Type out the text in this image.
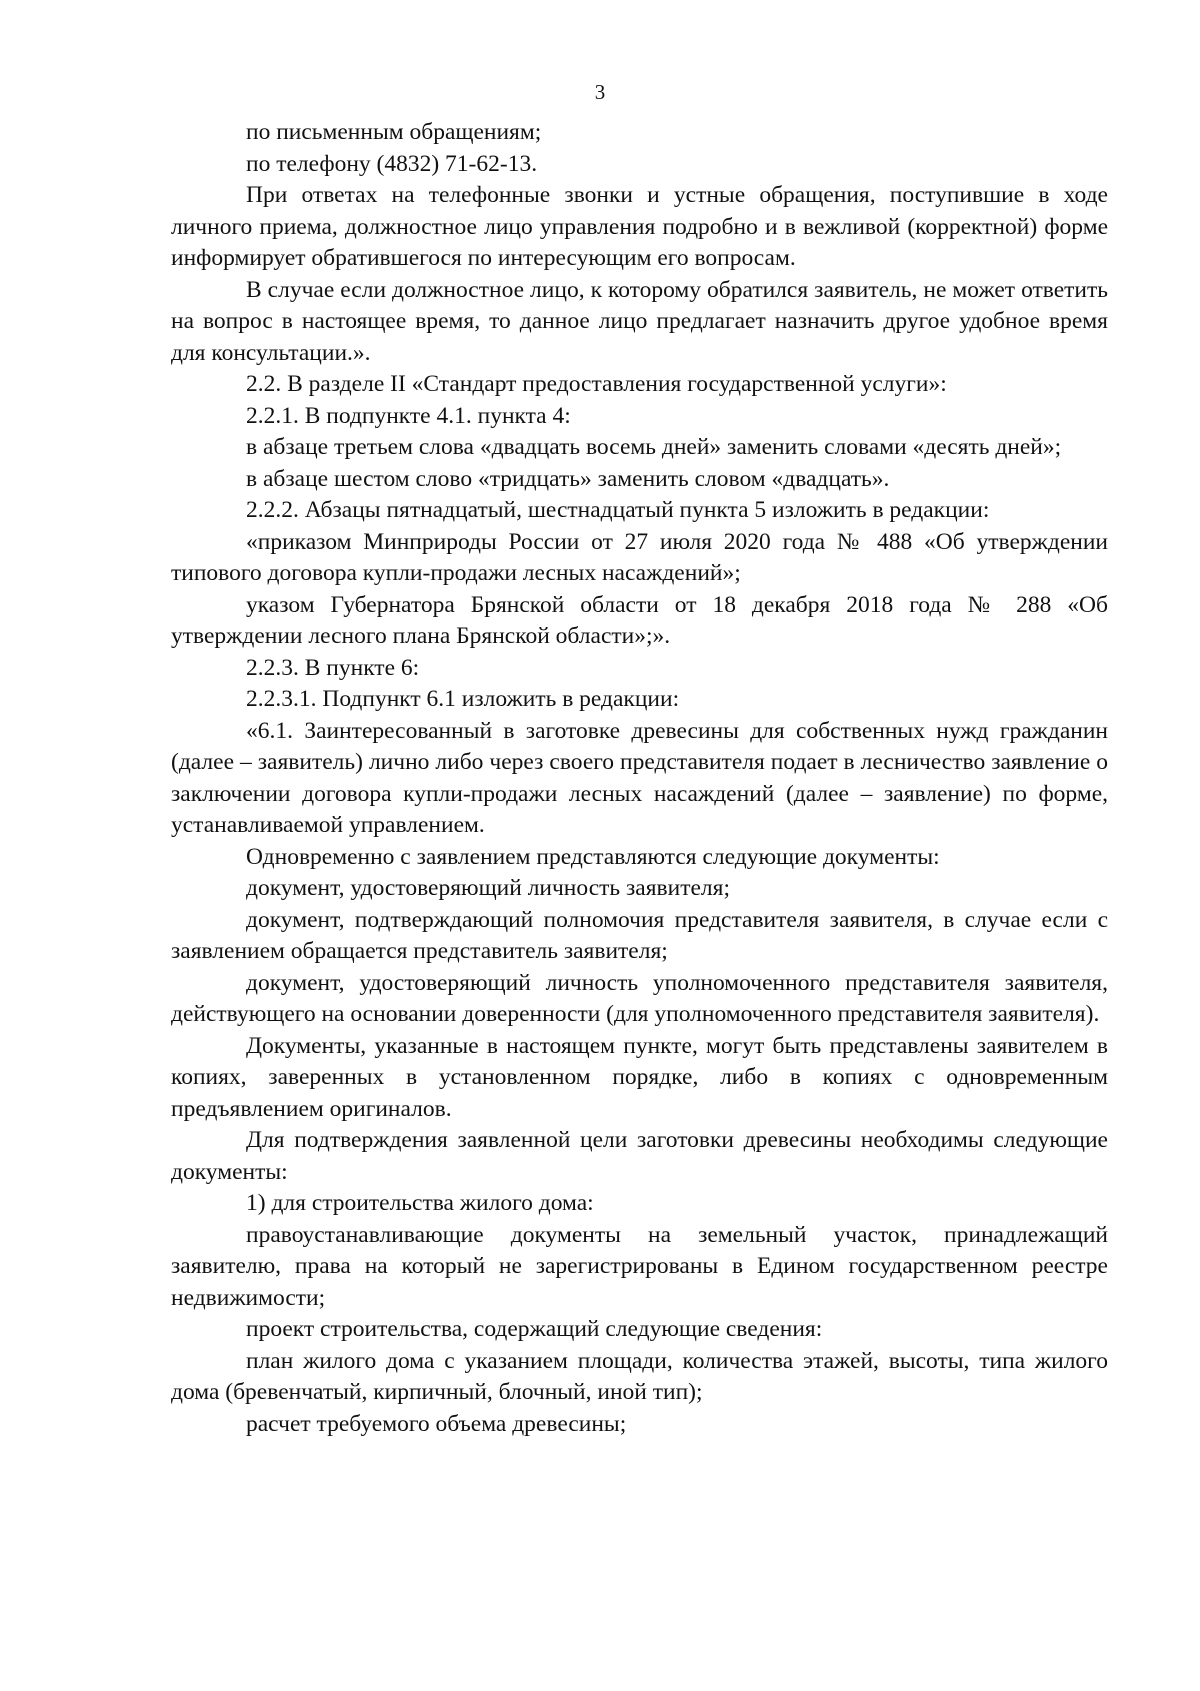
3

по письменным обращениям;

по телефону (4832) 71-62-13.

При ответах на телефонные звонки и устные обращения, поступившие в ходе личного приема, должностное лицо управления подробно и в вежливой (корректной) форме информирует обратившегося по интересующим его вопросам.

В случае если должностное лицо, к которому обратился заявитель, не может ответить на вопрос в настоящее время, то данное лицо предлагает назначить другое удобное время для консультации.».

2.2. В разделе II «Стандарт предоставления государственной услуги»:

2.2.1. В подпункте 4.1. пункта 4:

в абзаце третьем слова «двадцать восемь дней» заменить словами «десять дней»;

в абзаце шестом слово «тридцать» заменить словом «двадцать».

2.2.2. Абзацы пятнадцатый, шестнадцатый пункта 5 изложить в редакции:

«приказом Минприроды России от 27 июля 2020 года № 488 «Об утверждении типового договора купли-продажи лесных насаждений»;

указом Губернатора Брянской области от 18 декабря 2018 года № 288 «Об утверждении лесного плана Брянской области»;».

2.2.3. В пункте 6:

2.2.3.1. Подпункт 6.1 изложить в редакции:

«6.1. Заинтересованный в заготовке древесины для собственных нужд гражданин (далее – заявитель) лично либо через своего представителя подает в лесничество заявление о заключении договора купли-продажи лесных насаждений (далее – заявление) по форме, устанавливаемой управлением.

Одновременно с заявлением представляются следующие документы:

документ, удостоверяющий личность заявителя;

документ, подтверждающий полномочия представителя заявителя, в случае если с заявлением обращается представитель заявителя;

документ, удостоверяющий личность уполномоченного представителя заявителя, действующего на основании доверенности (для уполномоченного представителя заявителя).

Документы, указанные в настоящем пункте, могут быть представлены заявителем в копиях, заверенных в установленном порядке, либо в копиях с одновременным предъявлением оригиналов.

Для подтверждения заявленной цели заготовки древесины необходимы следующие документы:

1) для строительства жилого дома:

правоустанавливающие документы на земельный участок, принадлежащий заявителю, права на который не зарегистрированы в Едином государственном реестре недвижимости;

проект строительства, содержащий следующие сведения:

план жилого дома с указанием площади, количества этажей, высоты, типа жилого дома (бревенчатый, кирпичный, блочный, иной тип);

расчет требуемого объема древесины;
